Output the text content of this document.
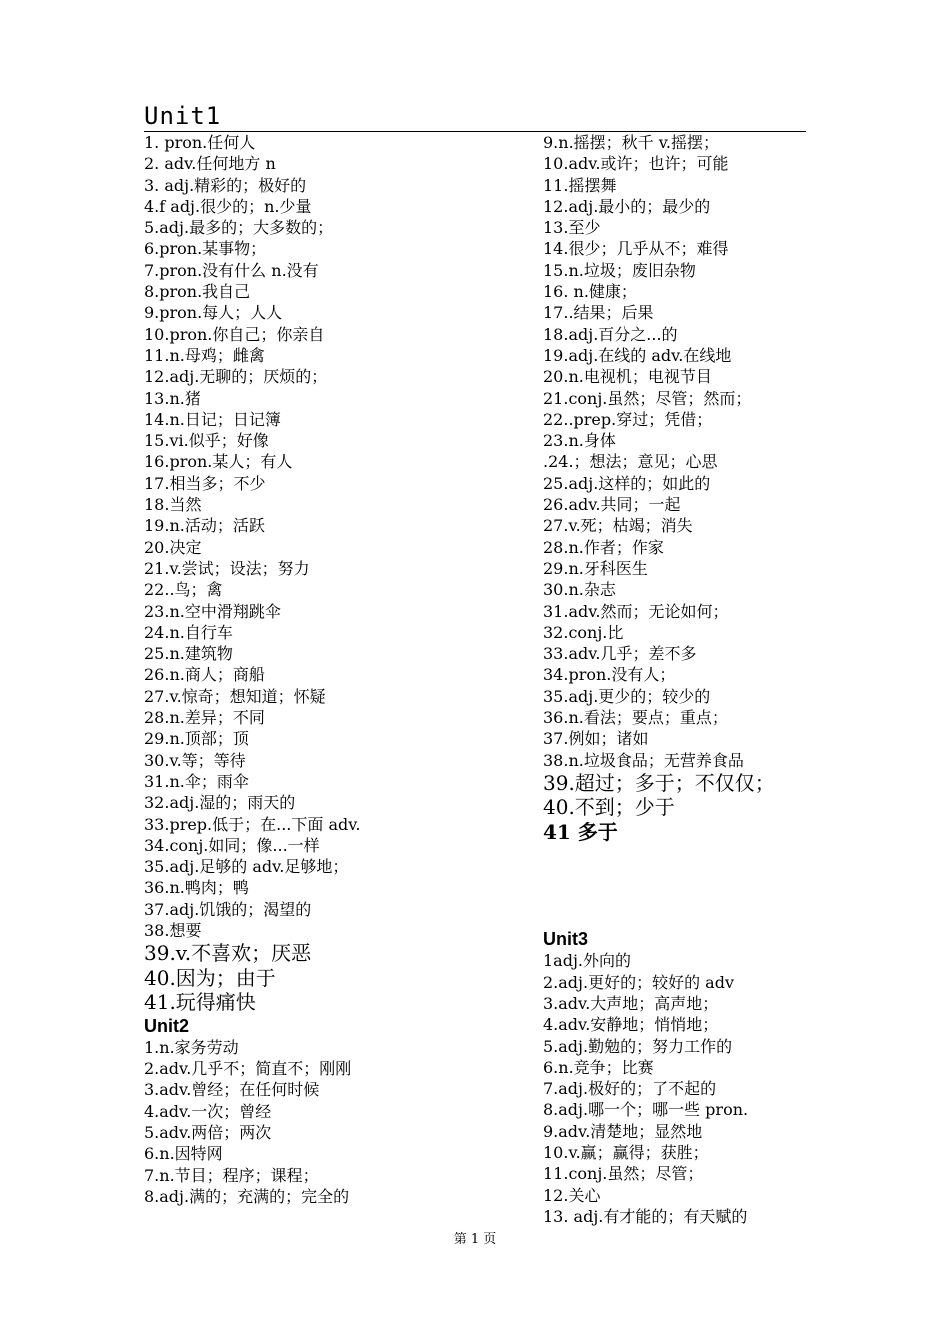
Unit1
1. pron.任何人
2. adv.任何地方 n
3. adj.精彩的；极好的
4.f adj.很少的；n.少量
5.adj.最多的；大多数的；
6.pron.某事物；
7.pron.没有什么 n.没有
8.pron.我自己
9.pron.每人；人人
10.pron.你自己；你亲自
11.n.母鸡；雌禽
12.adj.无聊的；厌烦的；
13.n.猪
14.n.日记；日记簿
15.vi.似乎；好像
16.pron.某人；有人
17.相当多；不少
18.当然
19.n.活动；活跃
20.决定
21.v.尝试；设法；努力
22..鸟；禽
23.n.空中滑翔跳伞
24.n.自行车
25.n.建筑物
26.n.商人；商船
27.v.惊奇；想知道；怀疑
28.n.差异；不同
29.n.顶部；顶
30.v.等；等待
31.n.伞；雨伞
32.adj.湿的；雨天的
33.prep.低于；在...下面 adv.
34.conj.如同；像...一样
35.adj.足够的 adv.足够地；
36.n.鸭肉；鸭
37.adj.饥饿的；渴望的
38.想要
39.v.不喜欢；厌恶
40.因为；由于
41.玩得痛快
Unit2
1.n.家务劳动
2.adv.几乎不；简直不；刚刚
3.adv.曾经；在任何时候
4.adv.一次；曾经
5.adv.两倍；两次
6.n.因特网
7.n.节目；程序；课程；
8.adj.满的；充满的；完全的
9.n.摇摆；秋千 v.摇摆；
10.adv.或许；也许；可能
11.摇摆舞
12.adj.最小的；最少的
13.至少
14.很少；几乎从不；难得
15.n.垃圾；废旧杂物
16. n.健康；
17..结果；后果
18.adj.百分之...的
19.adj.在线的 adv.在线地
20.n.电视机；电视节目
21.conj.虽然；尽管；然而；
22..prep.穿过；凭借；
23.n.身体
.24.；想法；意见；心思
25.adj.这样的；如此的
26.adv.共同；一起
27.v.死；枯竭；消失
28.n.作者；作家
29.n.牙科医生
30.n.杂志
31.adv.然而；无论如何；
32.conj.比
33.adv.几乎；差不多
34.pron.没有人；
35.adj.更少的；较少的
36.n.看法；要点；重点；
37.例如；诸如
38.n.垃圾食品；无营养食品
39.超过；多于；不仅仅；
40.不到；少于
41 多于
Unit3
1adj.外向的
2.adj.更好的；较好的 adv
3.adv.大声地；高声地；
4.adv.安静地；悄悄地；
5.adj.勤勉的；努力工作的
6.n.竞争；比赛
7.adj.极好的；了不起的
8.adj.哪一个；哪一些 pron.
9.adv.清楚地；显然地
10.v.赢；赢得；获胜；
11.conj.虽然；尽管；
12.关心
13. adj.有才能的；有天赋的
第 1 页
